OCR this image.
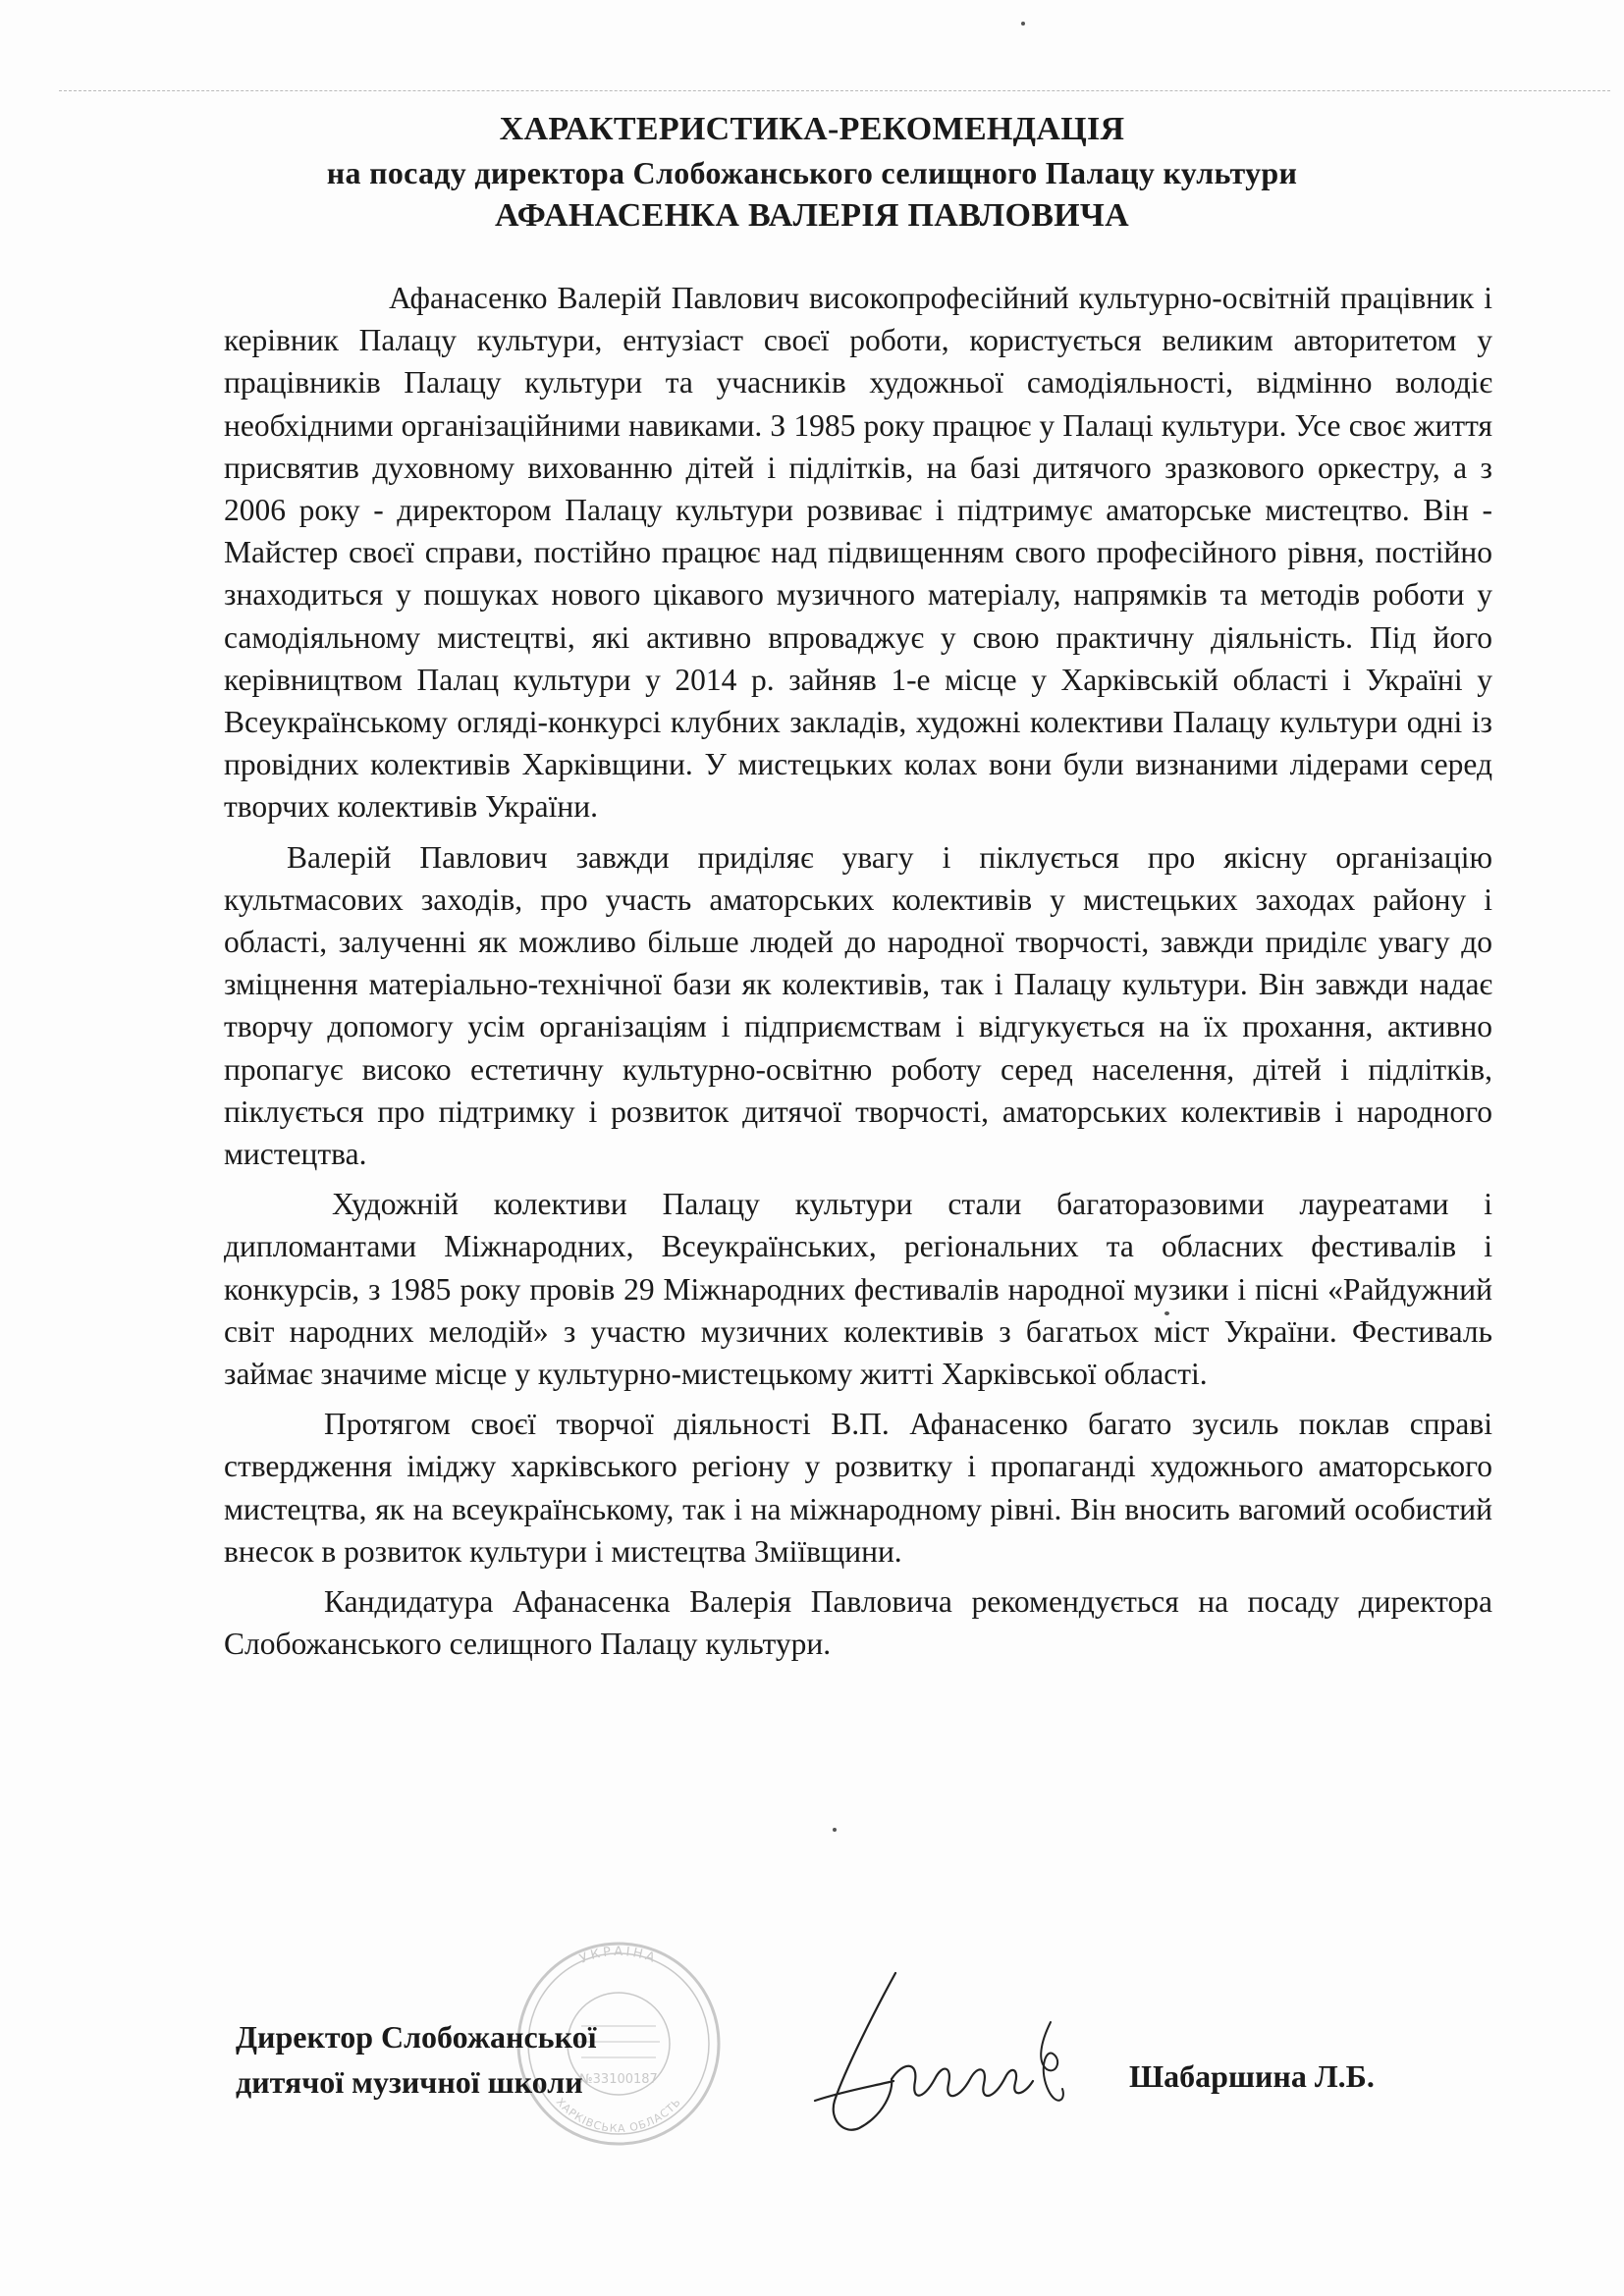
ХАРАКТЕРИСТИКА-РЕКОМЕНДАЦІЯ
на посаду директора Слобожанського селищного Палацу культури
АФАНАСЕНКА ВАЛЕРІЯ ПАВЛОВИЧА

Афанасенко Валерій Павлович високопрофесійний культурно-освітній працівник і керівник Палацу культури, ентузіаст своєї роботи, користується великим авторитетом у працівників Палацу культури та учасників художньої самодіяльності, відмінно володіє необхідними організаційними навиками. З 1985 року працює у Палаці культури. Усе своє життя присвятив духовному вихованню дітей і підлітків, на базі дитячого зразкового оркестру, а з 2006 року - директором Палацу культури розвиває і підтримує аматорське мистецтво. Він - Майстер своєї справи, постійно працює над підвищенням свого професійного рівня, постійно знаходиться у пошуках нового цікавого музичного матеріалу, напрямків та методів роботи у самодіяльному мистецтві, які активно впроваджує у свою практичну діяльність. Під його керівництвом Палац культури у 2014 р. зайняв 1-е місце у Харківській області і Україні у Всеукраїнському огляді-конкурсі клубних закладів, художні колективи Палацу культури одні із провідних колективів Харківщини. У мистецьких колах вони були визнаними лідерами серед творчих колективів України.

Валерій Павлович завжди приділяє увагу і піклується про якісну організацію культмасових заходів, про участь аматорських колективів у мистецьких заходах району і області, залученні як можливо більше людей до народної творчості, завжди приділє увагу до зміцнення матеріально-технічної бази як колективів, так і Палацу культури. Він завжди надає творчу допомогу усім організаціям і підприємствам і відгукується на їх прохання, активно пропагує високо естетичну культурно-освітню роботу серед населення, дітей і підлітків, піклується про підтримку і розвиток дитячої творчості, аматорських колективів і народного мистецтва.

Художній колективи Палацу культури стали багаторазовими лауреатами і дипломантами Міжнародних, Всеукраїнських, регіональних та обласних фестивалів і конкурсів, з 1985 року провів 29 Міжнародних фестивалів народної музики і пісні «Райдужний світ народних мелодій» з участю музичних колективів з багатьох міст України. Фестиваль займає значиме місце у культурно-мистецькому житті Харківської області.

Протягом своєї творчої діяльності В.П. Афанасенко багато зусиль поклав справі ствердження іміджу харківського регіону у розвитку і пропаганді художнього аматорського мистецтва, як на всеукраїнському, так і на міжнародному рівні. Він вносить вагомий особистий внесок в розвиток культури і мистецтва Зміївщини.

Кандидатура Афанасенка Валерія Павловича рекомендується на посаду директора Слобожанського селищного Палацу культури.

УКРАЇНА
ХАРКІВСЬКА ОБЛАСТЬ
№33100187
Директор Слобожанської
дитячої музичної школи	Шабаршина Л.Б.
